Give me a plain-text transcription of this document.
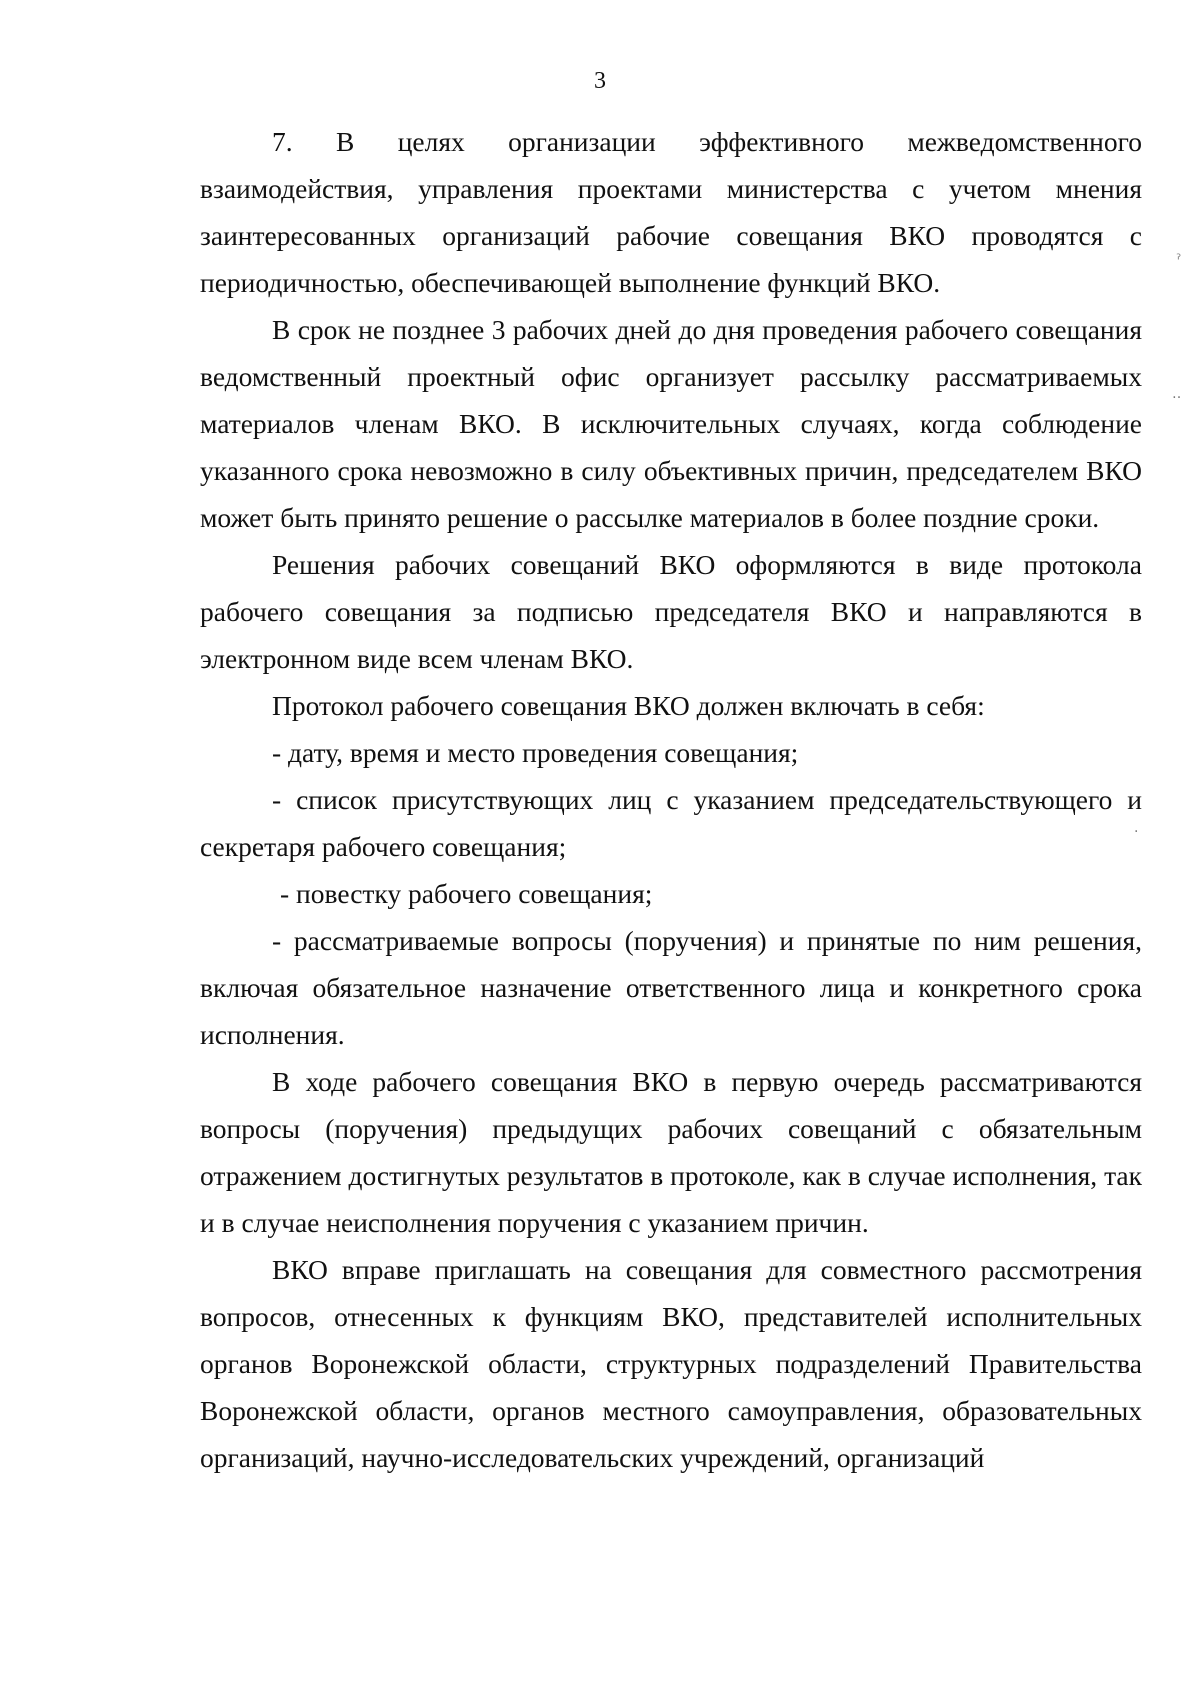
3

7. В целях организации эффективного межведомственного взаимодействия, управления проектами министерства с учетом мнения заинтересованных организаций рабочие совещания ВКО проводятся с периодичностью, обеспечивающей выполнение функций ВКО.

В срок не позднее 3 рабочих дней до дня проведения рабочего совещания ведомственный проектный офис организует рассылку рассматриваемых материалов членам ВКО. В исключительных случаях, когда соблюдение указанного срока невозможно в силу объективных причин, председателем ВКО может быть принято решение о рассылке материалов в более поздние сроки.

Решения рабочих совещаний ВКО оформляются в виде протокола рабочего совещания за подписью председателя ВКО и направляются в электронном виде всем членам ВКО.

Протокол рабочего совещания ВКО должен включать в себя:

- дату, время и место проведения совещания;

- список присутствующих лиц с указанием председательствующего и секретаря рабочего совещания;

- повестку рабочего совещания;

- рассматриваемые вопросы (поручения) и принятые по ним решения, включая обязательное назначение ответственного лица и конкретного срока исполнения.

В ходе рабочего совещания ВКО в первую очередь рассматриваются вопросы (поручения) предыдущих рабочих совещаний с обязательным отражением достигнутых результатов в протоколе, как в случае исполнения, так и в случае неисполнения поручения с указанием причин.

ВКО вправе приглашать на совещания для совместного рассмотрения вопросов, отнесенных к функциям ВКО, представителей исполнительных органов Воронежской области, структурных подразделений Правительства Воронежской области, органов местного самоуправления, образовательных организаций, научно-исследовательских учреждений, организаций

ˀ
‥
·
